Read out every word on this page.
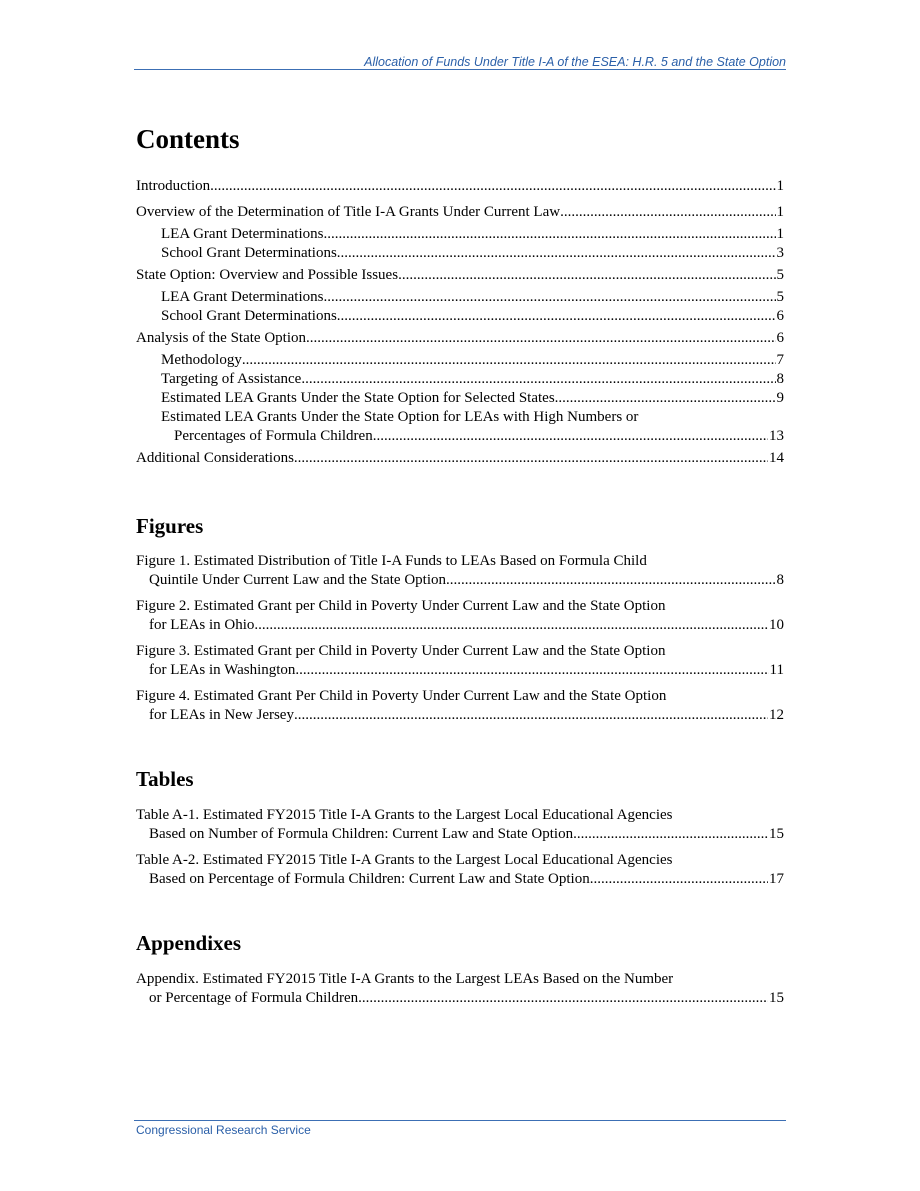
Allocation of Funds Under Title I-A of the ESEA: H.R. 5 and the State Option
Contents
Introduction .....	1
Overview of the Determination of Title I-A Grants Under Current Law .....	1
LEA Grant Determinations .....	1
School Grant Determinations .....	3
State Option: Overview and Possible Issues .....	5
LEA Grant Determinations .....	5
School Grant Determinations .....	6
Analysis of the State Option .....	6
Methodology .....	7
Targeting of Assistance .....	8
Estimated LEA Grants Under the State Option for Selected States .....	9
Estimated LEA Grants Under the State Option for LEAs with High Numbers or
Percentages of Formula Children .....	13
Additional Considerations .....	14
Figures
Figure 1. Estimated Distribution of Title I-A Funds to LEAs Based on Formula Child
Quintile Under Current Law and the State Option .....	8
Figure 2. Estimated Grant per Child in Poverty Under Current Law and the State Option
for LEAs in Ohio .....	10
Figure 3. Estimated Grant per Child in Poverty Under Current Law and the State Option
for LEAs in Washington .....	11
Figure 4. Estimated Grant Per Child in Poverty Under Current Law and the State Option
for LEAs in New Jersey .....	12
Tables
Table A-1. Estimated FY2015 Title I-A Grants to the Largest Local Educational Agencies
Based on Number of Formula Children: Current Law and State Option .....	15
Table A-2. Estimated FY2015 Title I-A Grants to the Largest Local Educational Agencies
Based on Percentage of Formula Children: Current Law and State Option .....	17
Appendixes
Appendix. Estimated FY2015 Title I-A Grants to the Largest LEAs Based on the Number
or Percentage of Formula Children .....	15
Congressional Research Service
